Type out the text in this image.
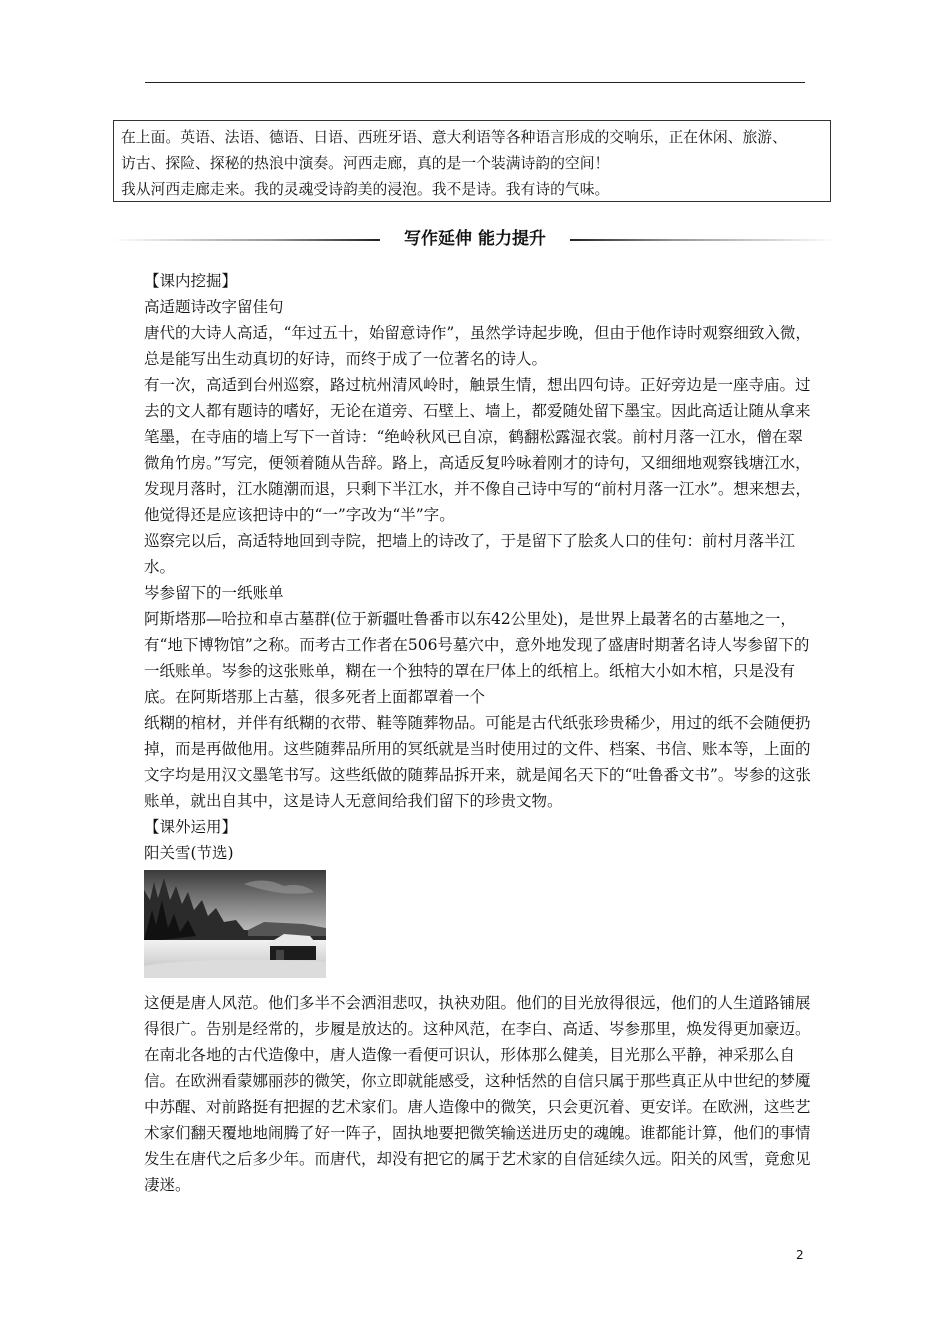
在上面。英语、法语、德语、日语、西班牙语、意大利语等各种语言形成的交响乐，正在休闲、旅游、

访古、探险、探秘的热浪中演奏。河西走廊，真的是一个装满诗韵的空间！

我从河西走廊走来。我的灵魂受诗韵美的浸泡。我不是诗。我有诗的气味。

写作延伸 能力提升

【课内挖掘】

高适题诗改字留佳句

唐代的大诗人高适，“年过五十，始留意诗作”，虽然学诗起步晚，但由于他作诗时观察细致入微，总是能写出生动真切的好诗，而终于成了一位著名的诗人。

有一次，高适到台州巡察，路过杭州清风岭时，触景生情，想出四句诗。正好旁边是一座寺庙。过去的文人都有题诗的嗜好，无论在道旁、石壁上、墙上，都爱随处留下墨宝。因此高适让随从拿来笔墨，在寺庙的墙上写下一首诗：“绝岭秋风已自凉，鹤翻松露湿衣裳。前村月落一江水，僧在翠微角竹房。”写完，便领着随从告辞。路上，高适反复吟咏着刚才的诗句，又细细地观察钱塘江水，发现月落时，江水随潮而退，只剩下半江水，并不像自己诗中写的“前村月落一江水”。想来想去，他觉得还是应该把诗中的“一”字改为“半”字。

巡察完以后，高适特地回到寺院，把墙上的诗改了，于是留下了脍炙人口的佳句：前村月落半江水。

岑参留下的一纸账单

阿斯塔那—哈拉和卓古墓群(位于新疆吐鲁番市以东42公里处)，是世界上最著名的古墓地之一，有“地下博物馆”之称。而考古工作者在506号墓穴中，意外地发现了盛唐时期著名诗人岑参留下的一纸账单。岑参的这张账单，糊在一个独特的罩在尸体上的纸棺上。纸棺大小如木棺，只是没有底。在阿斯塔那上古墓，很多死者上面都罩着一个

纸糊的棺材，并伴有纸糊的衣带、鞋等随葬物品。可能是古代纸张珍贵稀少，用过的纸不会随便扔掉，而是再做他用。这些随葬品所用的冥纸就是当时使用过的文件、档案、书信、账本等，上面的文字均是用汉文墨笔书写。这些纸做的随葬品拆开来，就是闻名天下的“吐鲁番文书”。岑参的这张账单，就出自其中，这是诗人无意间给我们留下的珍贵文物。

【课外运用】

阳关雪(节选)

这便是唐人风范。他们多半不会洒泪悲叹，执袂劝阻。他们的目光放得很远，他们的人生道路铺展得很广。告别是经常的，步履是放达的。这种风范，在李白、高适、岑参那里，焕发得更加豪迈。在南北各地的古代造像中，唐人造像一看便可识认，形体那么健美，目光那么平静，神采那么自信。在欧洲看蒙娜丽莎的微笑，你立即就能感受，这种恬然的自信只属于那些真正从中世纪的梦魇中苏醒、对前路挺有把握的艺术家们。唐人造像中的微笑，只会更沉着、更安详。在欧洲，这些艺术家们翻天覆地地闹腾了好一阵子，固执地要把微笑输送进历史的魂魄。谁都能计算，他们的事情发生在唐代之后多少年。而唐代，却没有把它的属于艺术家的自信延续久远。阳关的风雪，竟愈见凄迷。

2
